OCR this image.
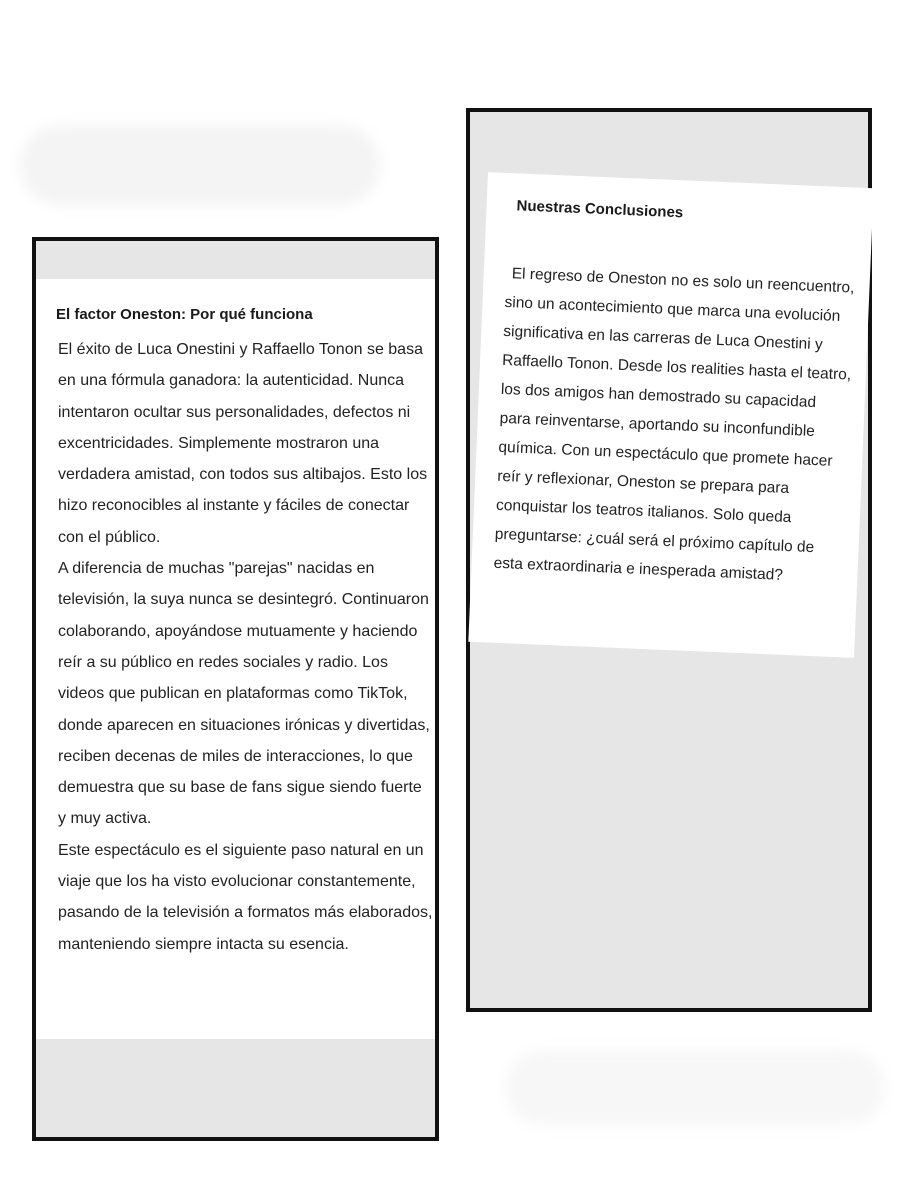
El factor Oneston: Por qué funciona

El éxito de Luca Onestini y Raffaello Tonon se basa en una fórmula ganadora: la autenticidad. Nunca intentaron ocultar sus personalidades, defectos ni excentricidades. Simplemente mostraron una verdadera amistad, con todos sus altibajos. Esto los hizo reconocibles al instante y fáciles de conectar con el público.

A diferencia de muchas "parejas" nacidas en televisión, la suya nunca se desintegró. Continuaron colaborando, apoyándose mutuamente y haciendo reír a su público en redes sociales y radio. Los videos que publican en plataformas como TikTok, donde aparecen en situaciones irónicas y divertidas, reciben decenas de miles de interacciones, lo que demuestra que su base de fans sigue siendo fuerte y muy activa.

Este espectáculo es el siguiente paso natural en un viaje que los ha visto evolucionar constantemente, pasando de la televisión a formatos más elaborados, manteniendo siempre intacta su esencia.

Nuestras Conclusiones

El regreso de Oneston no es solo un reencuentro, sino un acontecimiento que marca una evolución significativa en las carreras de Luca Onestini y Raffaello Tonon. Desde los realities hasta el teatro, los dos amigos han demostrado su capacidad para reinventarse, aportando su inconfundible química. Con un espectáculo que promete hacer reír y reflexionar, Oneston se prepara para conquistar los teatros italianos. Solo queda preguntarse: ¿cuál será el próximo capítulo de esta extraordinaria e inesperada amistad?
